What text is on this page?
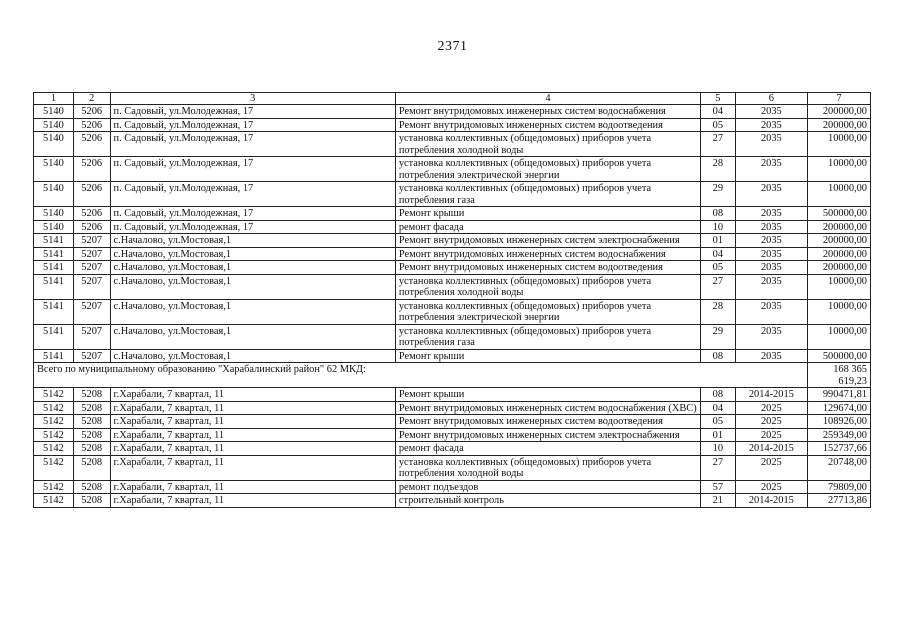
2371
1	2	3	4	5	6	7
5140	5206	п. Садовый, ул.Молодежная, 17	Ремонт внутридомовых инженерных систем водоснабжения	04	2035	200000,00
5140	5206	п. Садовый, ул.Молодежная, 17	Ремонт внутридомовых инженерных систем водоотведения	05	2035	200000,00
5140	5206	п. Садовый, ул.Молодежная, 17	установка коллективных (общедомовых) приборов учета потребления холодной воды	27	2035	10000,00
5140	5206	п. Садовый, ул.Молодежная, 17	установка коллективных (общедомовых) приборов учета потребления электрической энергии	28	2035	10000,00
5140	5206	п. Садовый, ул.Молодежная, 17	установка коллективных (общедомовых) приборов учета потребления газа	29	2035	10000,00
5140	5206	п. Садовый, ул.Молодежная, 17	Ремонт крыши	08	2035	500000,00
5140	5206	п. Садовый, ул.Молодежная, 17	ремонт фасада	10	2035	200000,00
5141	5207	с.Началово, ул.Мостовая,1	Ремонт внутридомовых инженерных систем электроснабжения	01	2035	200000,00
5141	5207	с.Началово, ул.Мостовая,1	Ремонт внутридомовых инженерных систем водоснабжения	04	2035	200000,00
5141	5207	с.Началово, ул.Мостовая,1	Ремонт внутридомовых инженерных систем водоотведения	05	2035	200000,00
5141	5207	с.Началово, ул.Мостовая,1	установка коллективных (общедомовых) приборов учета потребления холодной воды	27	2035	10000,00
5141	5207	с.Началово, ул.Мостовая,1	установка коллективных (общедомовых) приборов учета потребления электрической энергии	28	2035	10000,00
5141	5207	с.Началово, ул.Мостовая,1	установка коллективных (общедомовых) приборов учета потребления газа	29	2035	10000,00
5141	5207	с.Началово, ул.Мостовая,1	Ремонт крыши	08	2035	500000,00
Всего по муниципальному образованию "Харабалинский район" 62 МКД:						168 365 619,23
5142	5208	г.Харабали, 7 квартал, 11	Ремонт крыши	08	2014-2015	990471,81
5142	5208	г.Харабали, 7 квартал, 11	Ремонт внутридомовых инженерных систем водоснабжения (ХВС)	04	2025	129674,00
5142	5208	г.Харабали, 7 квартал, 11	Ремонт внутридомовых инженерных систем водоотведения	05	2025	108926,00
5142	5208	г.Харабали, 7 квартал, 11	Ремонт внутридомовых инженерных систем электроснабжения	01	2025	259349,00
5142	5208	г.Харабали, 7 квартал, 11	ремонт фасада	10	2014-2015	152737,66
5142	5208	г.Харабали, 7 квартал, 11	установка коллективных (общедомовых) приборов учета потребления холодной воды	27	2025	20748,00
5142	5208	г.Харабали, 7 квартал, 11	ремонт подъездов	57	2025	79809,00
5142	5208	г.Харабали, 7 квартал, 11	строительный контроль	21	2014-2015	27713,86
